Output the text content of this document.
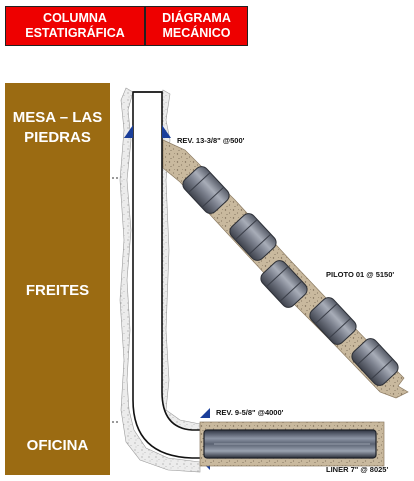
COLUMNA
ESTATIGRÁFICA
DIÁGRAMA
MECÁNICO
MESA – LAS
PIEDRAS
FREITES
OFICINA
REV. 13-3/8" @500'
PILOTO 01 @ 5150'
REV. 9-5/8" @4000'
LINER 7" @ 8025'
